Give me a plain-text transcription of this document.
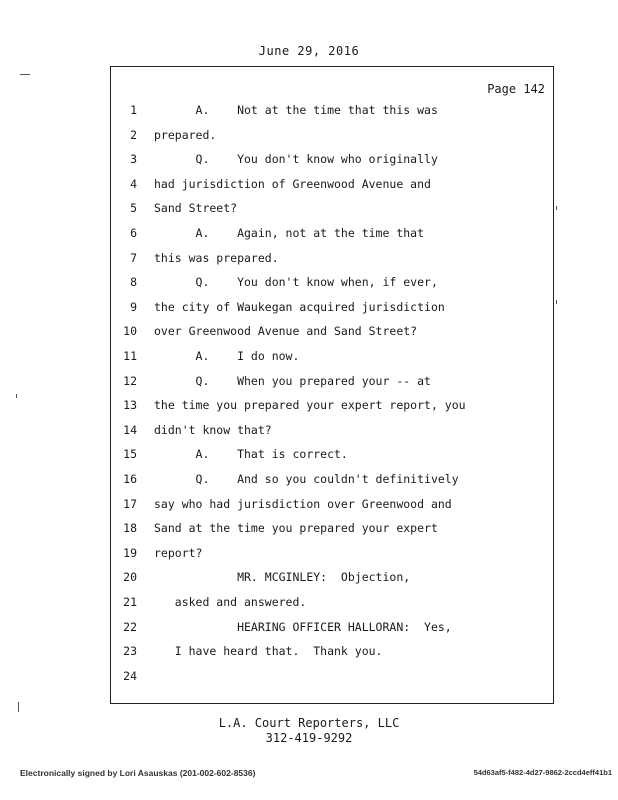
June 29, 2016
Page 142
1 A.    Not at the time that this was
2 prepared.
3 Q.    You don't know who originally
4 had jurisdiction of Greenwood Avenue and
5 Sand Street?
6 A.    Again, not at the time that
7 this was prepared.
8 Q.    You don't know when, if ever,
9 the city of Waukegan acquired jurisdiction
10 over Greenwood Avenue and Sand Street?
11 A.    I do now.
12 Q.    When you prepared your -- at
13 the time you prepared your expert report, you
14 didn't know that?
15 A.    That is correct.
16 Q.    And so you couldn't definitively
17 say who had jurisdiction over Greenwood and
18 Sand at the time you prepared your expert
19 report?
20 MR. MCGINLEY:  Objection,
21 asked and answered.
22 HEARING OFFICER HALLORAN:  Yes,
23 I have heard that.  Thank you.
24
L.A. Court Reporters, LLC
312-419-9292
Electronically signed by Lori Asauskas (201-002-602-8536)	54d63af5-f482-4d27-9862-2ccd4eff41b1
